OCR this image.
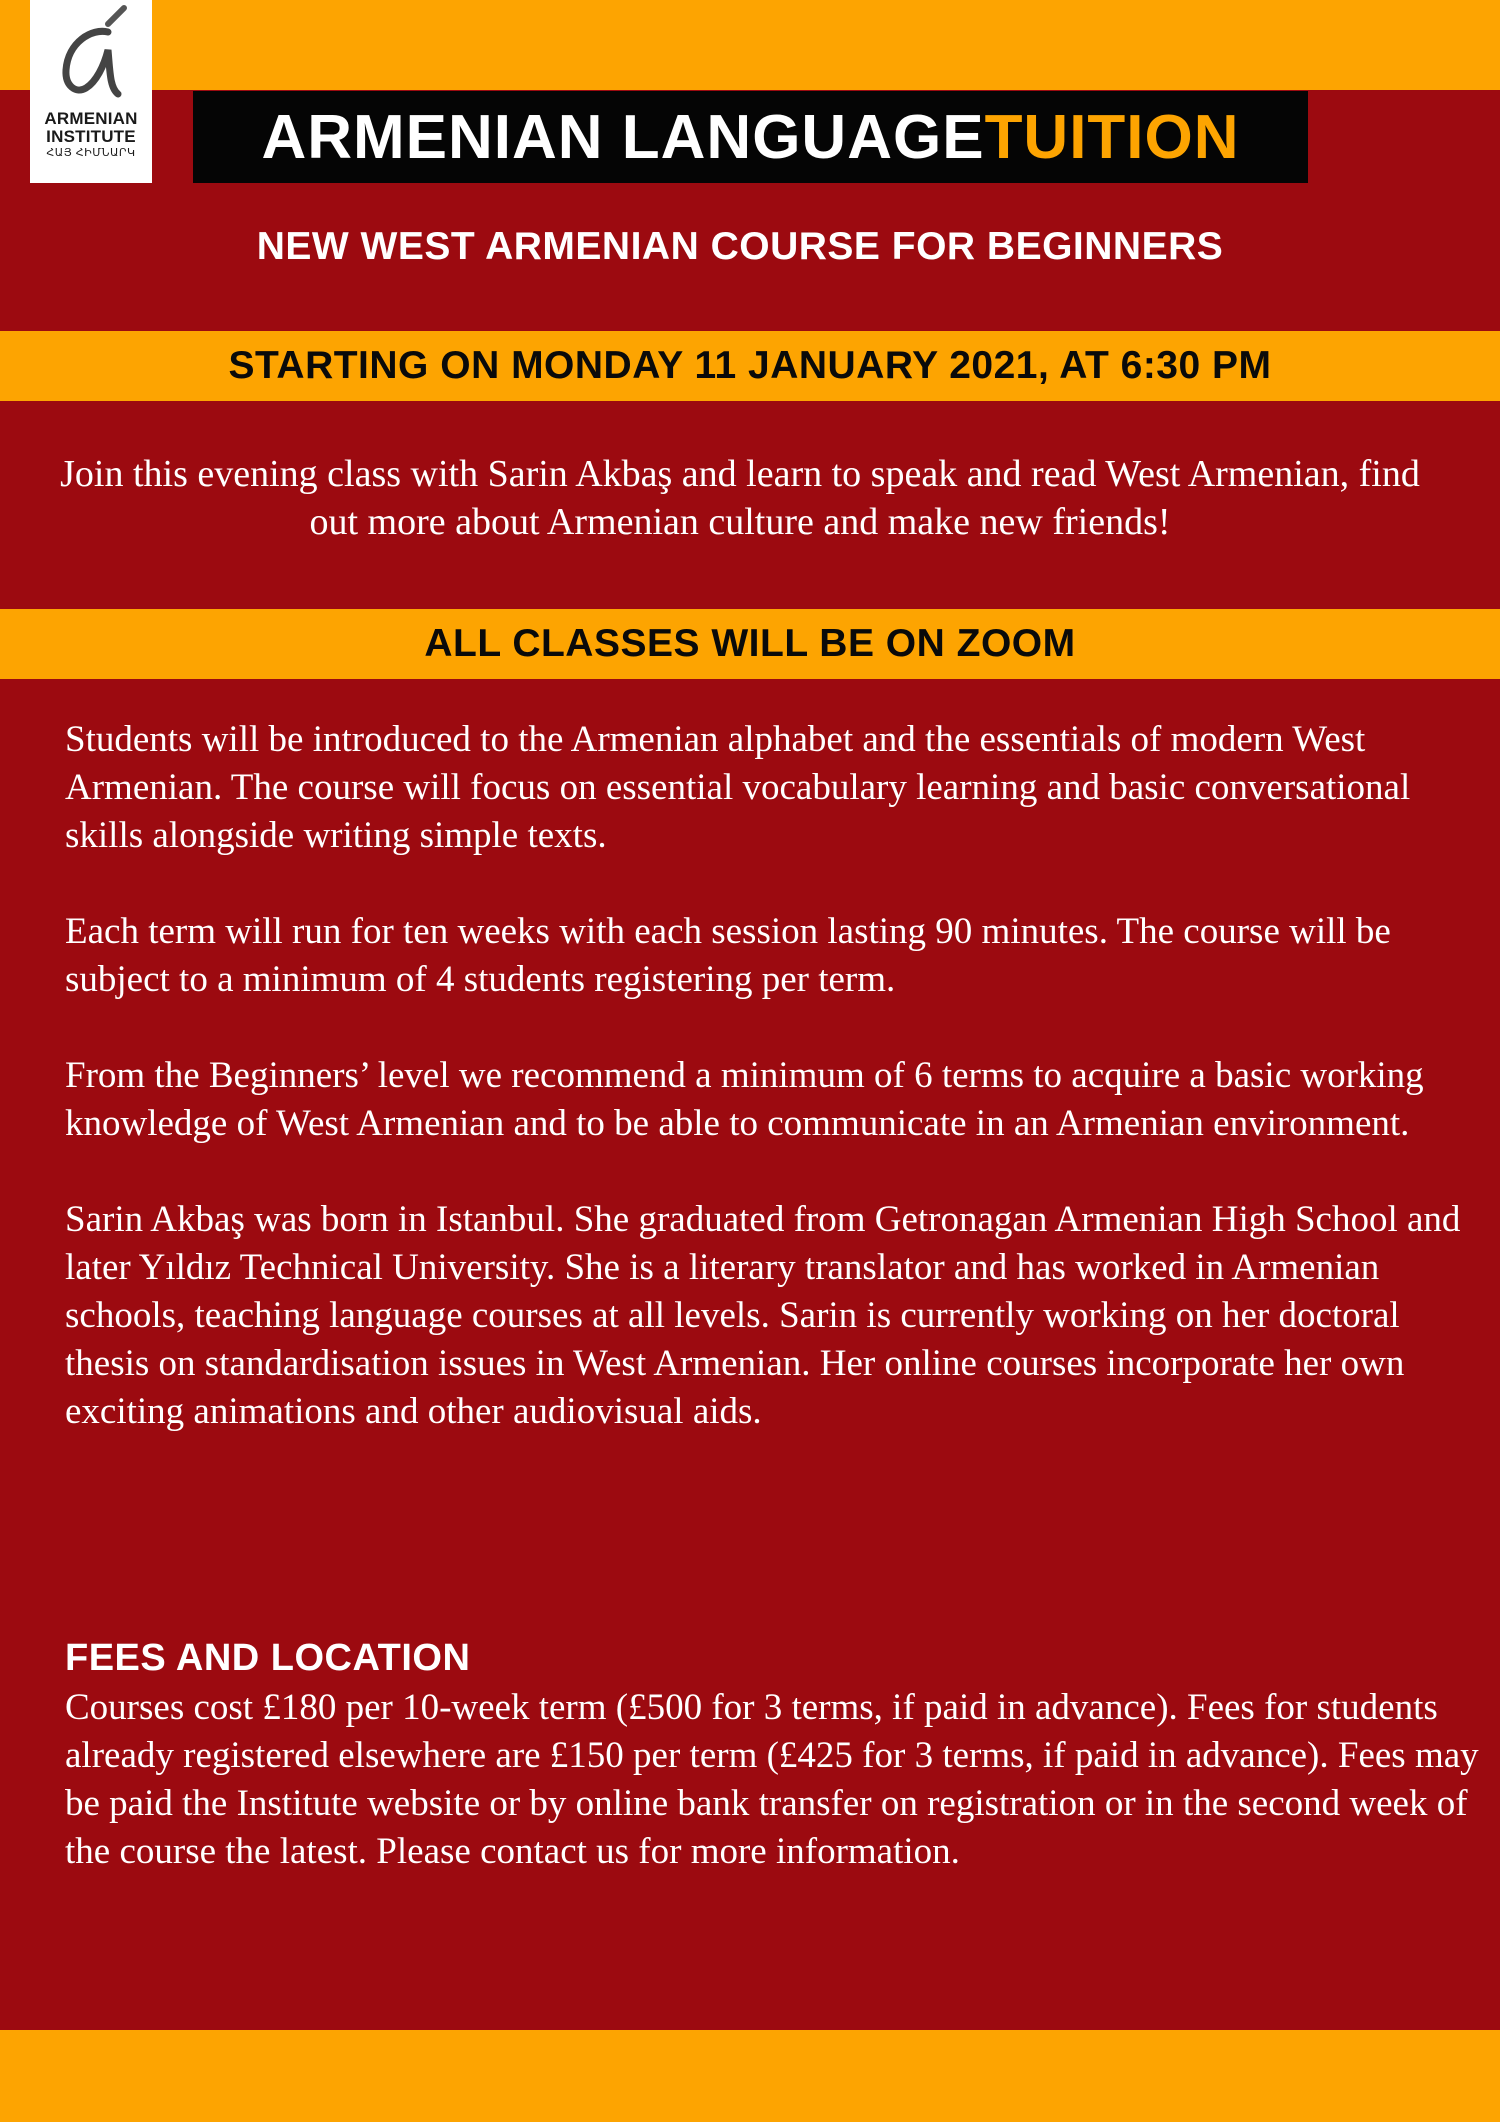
ARMENIAN
INSTITUTE
ՀԱՅ ՀԻՄՆԱՐԿ ARMENIAN LANGUAGE TUITION
NEW WEST ARMENIAN COURSE FOR BEGINNERS
STARTING ON MONDAY 11 JANUARY 2021, AT 6:30 PM
Join this evening class with Sarin Akbaş and learn to speak and read West Armenian, find out more about Armenian culture and make new friends!
ALL CLASSES WILL BE ON ZOOM

Students will be introduced to the Armenian alphabet and the essentials of modern West Armenian. The course will focus on essential vocabulary learning and basic conversational skills alongside writing simple texts.

Each term will run for ten weeks with each session lasting 90 minutes. The course will be subject to a minimum of 4 students registering per term.

From the Beginners’ level we recommend a minimum of 6 terms to acquire a basic working knowledge of West Armenian and to be able to communicate in an Armenian environment.

Sarin Akbaş was born in Istanbul. She graduated from Getronagan Armenian High School and later Yıldız Technical University. She is a literary translator and has worked in Armenian schools, teaching language courses at all levels. Sarin is currently working on her doctoral thesis on standardisation issues in West Armenian. Her online courses incorporate her own exciting animations and other audiovisual aids.

FEES AND LOCATION
Courses cost £180 per 10-week term (£500 for 3 terms, if paid in advance). Fees for students already registered elsewhere are £150 per term (£425 for 3 terms, if paid in advance). Fees may be paid the Institute website or by online bank transfer on registration or in the second week of the course the latest. Please contact us for more information.
